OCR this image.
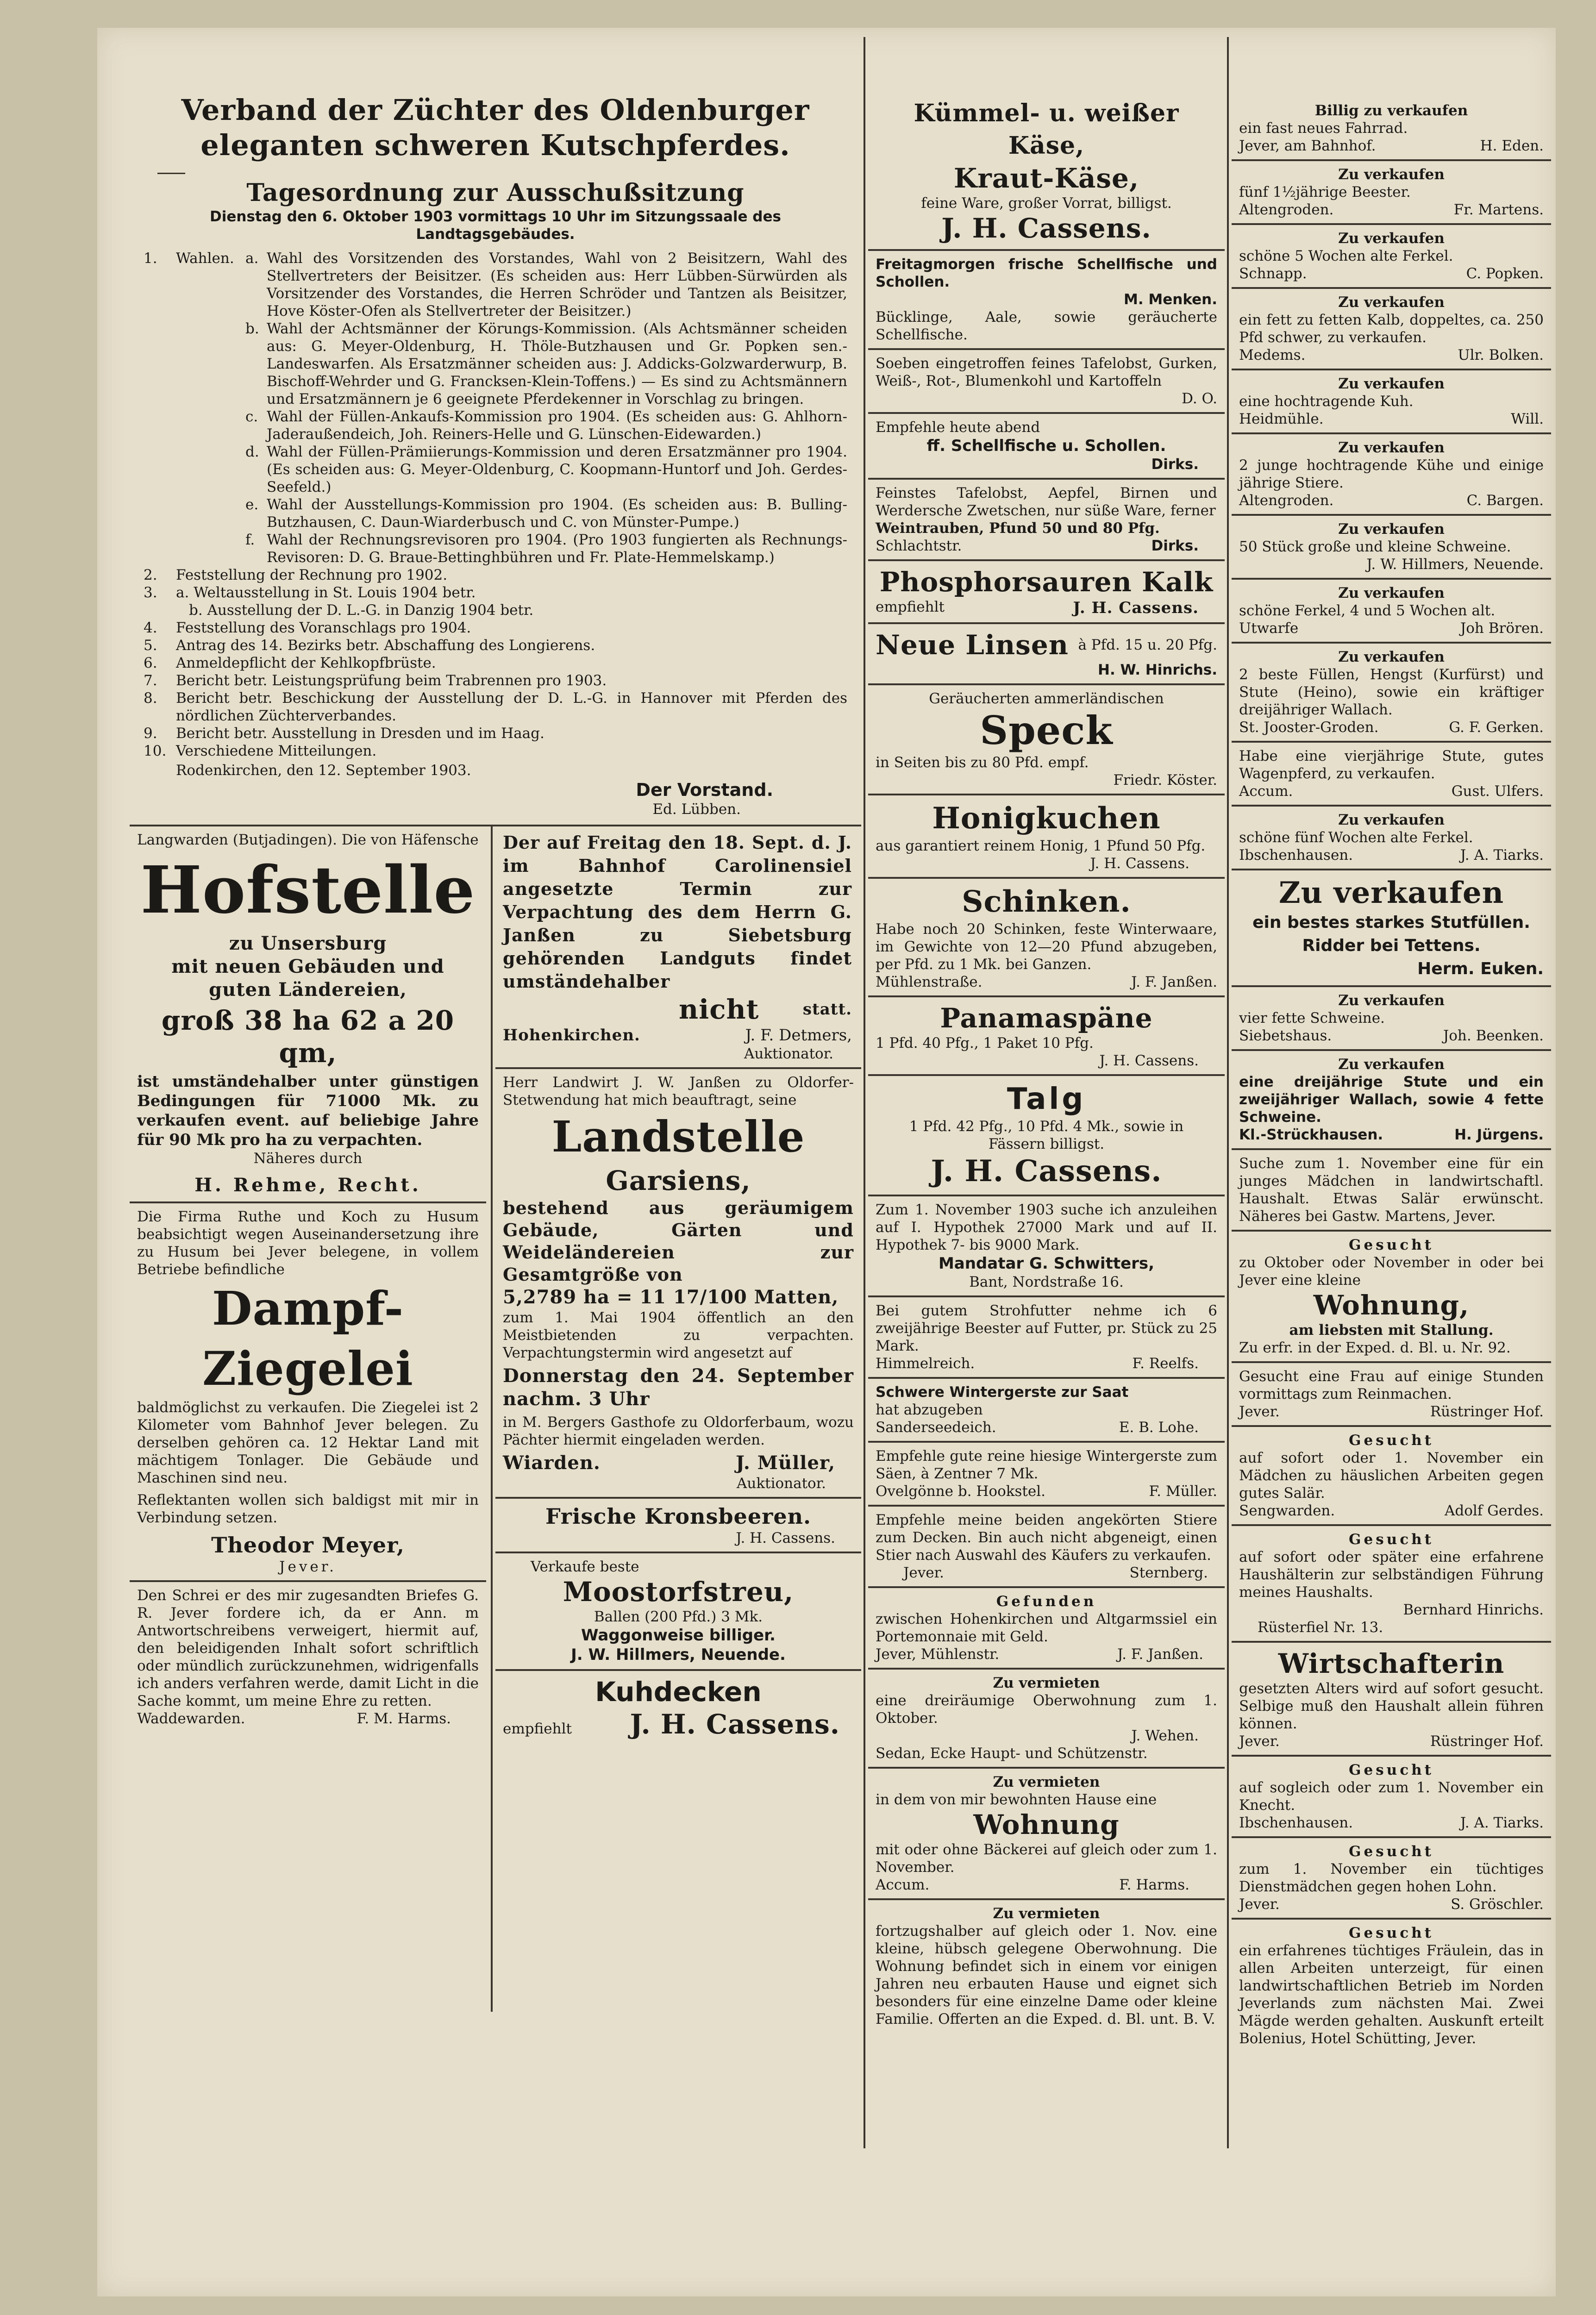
Verband der Züchter des Oldenburger eleganten schweren Kutschpferdes.
Tagesordnung zur Ausschußsitzung
Dienstag den 6. Oktober 1903 vormittags 10 Uhr im Sitzungssaale des Landtagsgebäudes.
1.	Wahlen. a. Wahl des Vorsitzenden des Vorstandes, Wahl von 2 Beisitzern, Wahl des Stellvertreters der Beisitzer. (Es scheiden aus: Herr Lübben-Sürwürden als Vorsitzender des Vorstandes, die Herren Schröder und Tantzen als Beisitzer, Hove Köster-Ofen als Stellvertreter der Beisitzer.)
b. Wahl der Achtsmänner der Körungs-Kommission. (Als Achtsmänner scheiden aus: G. Meyer-Oldenburg, H. Thöle-Butzhausen und Gr. Popken sen.-Landeswarfen. Als Ersatzmänner scheiden aus: J. Addicks-Golzwarderwurp, B. Bischoff-Wehrder und G. Francksen-Klein-Toffens.) — Es sind zu Achtsmännern und Ersatzmännern je 6 geeignete Pferdekenner in Vorschlag zu bringen.
c. Wahl der Füllen-Ankaufs-Kommission pro 1904. (Es scheiden aus: G. Ahlhorn-Jaderaußendeich, Joh. Reiners-Helle und G. Lünschen-Eidewarden.)
d. Wahl der Füllen-Prämiierungs-Kommission und deren Ersatzmänner pro 1904. (Es scheiden aus: G. Meyer-Oldenburg, C. Koopmann-Huntorf und Joh. Gerdes-Seefeld.)
e. Wahl der Ausstellungs-Kommission pro 1904. (Es scheiden aus: B. Bulling-Butzhausen, C. Daun-Wiarderbusch und C. von Münster-Pumpe.)
f. Wahl der Rechnungsrevisoren pro 1904. (Pro 1903 fungierten als Rechnungs-Revisoren: D. G. Braue-Bettinghbühren und Fr. Plate-Hemmelskamp.)
2.	Feststellung der Rechnung pro 1902.
3.	a. Weltausstellung in St. Louis 1904 betr.
b. Ausstellung der D. L.-G. in Danzig 1904 betr.
4.	Feststellung des Voranschlags pro 1904.
5.	Antrag des 14. Bezirks betr. Abschaffung des Longierens.
6.	Anmeldepflicht der Kehlkopfbrüste.
7.	Bericht betr. Leistungsprüfung beim Trabrennen pro 1903.
8.	Bericht betr. Beschickung der Ausstellung der D. L.-G. in Hannover mit Pferden des nördlichen Züchterverbandes.
9.	Bericht betr. Ausstellung in Dresden und im Haag.
10. Verschiedene Mitteilungen.
Rodenkirchen, den 12. September 1903.
Der Vorstand.
Ed. Lübben.
Langwarden (Butjadingen). Die von Häfensche
Hofstelle
zu Unsersburg
mit neuen Gebäuden und guten Ländereien,
groß 38 ha 62 a 20 qm,
ist umständehalber unter günstigen Bedingungen für 71000 Mk. zu verkaufen event. auf beliebige Jahre für 90 Mk pro ha zu verpachten.
Näheres durch
H. Rehme, Recht.
Die Firma Ruthe und Koch zu Husum beabsichtigt wegen Auseinandersetzung ihre zu Husum bei Jever belegene, in vollem Betriebe befindliche
Dampf-
Ziegelei
baldmöglichst zu verkaufen. Die Ziegelei ist 2 Kilometer vom Bahnhof Jever belegen. Zu derselben gehören ca. 12 Hektar Land mit mächtigem Tonlager. Die Gebäude und Maschinen sind neu.
Reflektanten wollen sich baldigst mit mir in Verbindung setzen.
Theodor Meyer,
Jever.
Den Schrei er des mir zugesandten Briefes G. R. Jever fordere ich, da er Ann. m Antwortschreibens verweigert, hiermit auf, den beleidigenden Inhalt sofort schriftlich oder mündlich zurückzunehmen, widrigenfalls ich anders verfahren werde, damit Licht in die Sache kommt, um meine Ehre zu retten.
Waddewarden.	F. M. Harms.
Der auf Freitag den 18. Sept. d. J. im Bahnhof Carolinensiel angesetzte Termin zur Verpachtung des dem Herrn G. Janßen zu Siebetsburg gehörenden Landguts findet umständehalber
nicht	statt.
Hohenkirchen.	J. F. Detmers,
Auktionator.
Herr Landwirt J. W. Janßen zu Oldorfer-Stetwendung hat mich beauftragt, seine
Landstelle
Garsiens,
bestehend aus geräumigem Gebäude, Gärten und Weideländereien zur Gesamtgröße von
5,2789 ha = 11 17/100 Matten,
zum 1. Mai 1904 öffentlich an den Meistbietenden zu verpachten. Verpachtungstermin wird angesetzt auf
Donnerstag den 24. September nachm. 3 Uhr
in M. Bergers Gasthofe zu Oldorferbaum, wozu Pächter hiermit eingeladen werden.
Wiarden.	J. Müller,
Auktionator.
Frische Kronsbeeren.
J. H. Cassens.
Verkaufe beste
Moostorfstreu,
Ballen (200 Pfd.) 3 Mk.
Waggonweise billiger.
J. W. Hillmers, Neuende.
Kuhdecken
empfiehlt J. H. Cassens.
Kümmel- u. weißer Käse,
Kraut-Käse,
feine Ware, großer Vorrat, billigst.
J. H. Cassens.
Freitagmorgen frische Schellfische und Schollen.
M. Menken.
Bücklinge, Aale, sowie geräucherte Schellfische.
Soeben eingetroffen feines Tafelobst, Gurken, Weiß-, Rot-, Blumenkohl und Kartoffeln
D. O.
Empfehle heute abend
ff. Schellfische u. Schollen.
Dirks.
Feinstes Tafelobst, Aepfel, Birnen und Werdersche Zwetschen, nur süße Ware, ferner
Weintrauben, Pfund 50 und 80 Pfg.
Schlachtstr.	Dirks.
Phosphorsauren Kalk
empfiehlt	J. H. Cassens.
Neue Linsen à Pfd. 15 u. 20 Pfg.
H. W. Hinrichs.
Geräucherten ammerländischen
Speck
in Seiten bis zu 80 Pfd. empf.
Friedr. Köster.
Honigkuchen
aus garantiert reinem Honig, 1 Pfund 50 Pfg.
J. H. Cassens.
Schinken.
Habe noch 20 Schinken, feste Winterwaare, im Gewichte von 12—20 Pfund abzugeben, per Pfd. zu 1 Mk. bei Ganzen.
Mühlenstraße.	J. F. Janßen.
Panamaspäne
1 Pfd. 40 Pfg., 1 Paket 10 Pfg.
J. H. Cassens.
Talg
1 Pfd. 42 Pfg., 10 Pfd. 4 Mk., sowie in Fässern billigst.
J. H. Cassens.
Zum 1. November 1903 suche ich anzuleihen auf I. Hypothek 27000 Mark und auf II. Hypothek 7- bis 9000 Mark.
Mandatar G. Schwitters,
Bant, Nordstraße 16.
Bei gutem Strohfutter nehme ich 6 zweijährige Beester auf Futter, pr. Stück zu 25 Mark.
Himmelreich.	F. Reelfs.
Schwere Wintergerste zur Saat
hat abzugeben
Sanderseedeich.	E. B. Lohe.
Empfehle gute reine hiesige Wintergerste zum Säen, à Zentner 7 Mk.
Ovelgönne b. Hookstel.	F. Müller.
Empfehle meine beiden angekörten Stiere zum Decken. Bin auch nicht abgeneigt, einen Stier nach Auswahl des Käufers zu verkaufen.
Jever.	Sternberg.
Gefunden
zwischen Hohenkirchen und Altgarmssiel ein Portemonnaie mit Geld.
Jever, Mühlenstr.	J. F. Janßen.
Zu vermieten
eine dreiräumige Oberwohnung zum 1. Oktober.
J. Wehen.
Sedan, Ecke Haupt- und Schützenstr.
Zu vermieten
in dem von mir bewohnten Hause eine
Wohnung
mit oder ohne Bäckerei auf gleich oder zum 1. November.
Accum.	F. Harms.
Zu vermieten
fortzugshalber auf gleich oder 1. Nov. eine kleine, hübsch gelegene Oberwohnung. Die Wohnung befindet sich in einem vor einigen Jahren neu erbauten Hause und eignet sich besonders für eine einzelne Dame oder kleine Familie. Offerten an die Exped. d. Bl. unt. B. V.
Billig zu verkaufen
ein fast neues Fahrrad.
Jever, am Bahnhof.	H. Eden.
Zu verkaufen
fünf 1½jährige Beester.
Altengroden.	Fr. Martens.
Zu verkaufen
schöne 5 Wochen alte Ferkel.
Schnapp.	C. Popken.
Zu verkaufen
ein fett zu fetten Kalb, doppeltes, ca. 250 Pfd schwer, zu verkaufen.
Medems.	Ulr. Bolken.
Zu verkaufen
eine hochtragende Kuh.
Heidmühle.	Will.
Zu verkaufen
2 junge hochtragende Kühe und einige jährige Stiere.
Altengroden.	C. Bargen.
Zu verkaufen
50 Stück große und kleine Schweine.
J. W. Hillmers, Neuende.
Zu verkaufen
schöne Ferkel, 4 und 5 Wochen alt.
Utwarfe	Joh Brören.
Zu verkaufen
2 beste Füllen, Hengst (Kurfürst) und Stute (Heino), sowie ein kräftiger dreijähriger Wallach.
St. Jooster-Groden.	G. F. Gerken.
Habe eine vierjährige Stute, gutes Wagenpferd, zu verkaufen.
Accum.	Gust. Ulfers.
Zu verkaufen
schöne fünf Wochen alte Ferkel.
Ibschenhausen.	J. A. Tiarks.
Zu verkaufen
ein bestes starkes Stutfüllen.
Ridder bei Tettens.
Herm. Euken.
Zu verkaufen
vier fette Schweine.
Siebetshaus.	Joh. Beenken.
Zu verkaufen
eine dreijährige Stute und ein zweijähriger Wallach, sowie 4 fette Schweine.
Kl.-Strückhausen.	H. Jürgens.
Suche zum 1. November eine für ein junges Mädchen in landwirtschaftl. Haushalt. Etwas Salär erwünscht. Näheres bei Gastw. Martens, Jever.
Gesucht
zu Oktober oder November in oder bei Jever eine kleine
Wohnung,
am liebsten mit Stallung.
Zu erfr. in der Exped. d. Bl. u. Nr. 92.
Gesucht eine Frau auf einige Stunden vormittags zum Reinmachen.
Jever.	Rüstringer Hof.
Gesucht
auf sofort oder 1. November ein Mädchen zu häuslichen Arbeiten gegen gutes Salär.
Sengwarden.	Adolf Gerdes.
Gesucht
auf sofort oder später eine erfahrene Haushälterin zur selbständigen Führung meines Haushalts.
Bernhard Hinrichs.
Rüsterfiel Nr. 13.
Wirtschafterin
gesetzten Alters wird auf sofort gesucht. Selbige muß den Haushalt allein führen können.
Jever.	Rüstringer Hof.
Gesucht
auf sogleich oder zum 1. November ein Knecht.
Ibschenhausen.	J. A. Tiarks.
Gesucht
zum 1. November ein tüchtiges Dienstmädchen gegen hohen Lohn.
Jever.	S. Gröschler.
Gesucht
ein erfahrenes tüchtiges Fräulein, das in allen Arbeiten unterzeigt, für einen landwirtschaftlichen Betrieb im Norden Jeverlands zum nächsten Mai. Zwei Mägde werden gehalten. Auskunft erteilt Bolenius, Hotel Schütting, Jever.
